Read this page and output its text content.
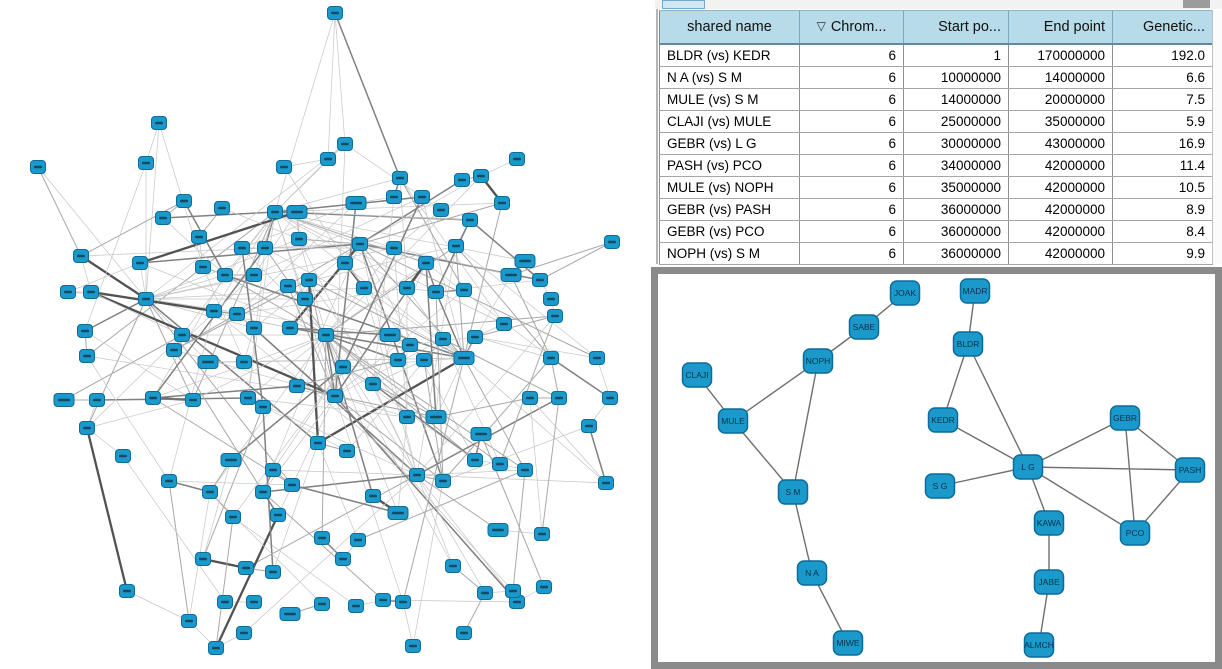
shared name	▽ Chrom...	Start po...	End point	Genetic...
BLDR (vs) KEDR	6	1	170000000	192.0
N A (vs) S M	6	10000000	14000000	6.6
MULE (vs) S M	6	14000000	20000000	7.5
CLAJI (vs) MULE	6	25000000	35000000	5.9
GEBR (vs) L G	6	30000000	43000000	16.9
PASH (vs) PCO	6	34000000	42000000	11.4
MULE (vs) NOPH	6	35000000	42000000	10.5
GEBR (vs) PASH	6	36000000	42000000	8.9
GEBR (vs) PCO	6	36000000	42000000	8.4
NOPH (vs) S M	6	36000000	42000000	9.9
JOAK
SABE
NOPH
CLAJI
MULE
S M
N A
MIWE
MADR
BLDR
KEDR
S G
L G
GEBR
PASH
PCO
KAWA
JABE
ALMCH
